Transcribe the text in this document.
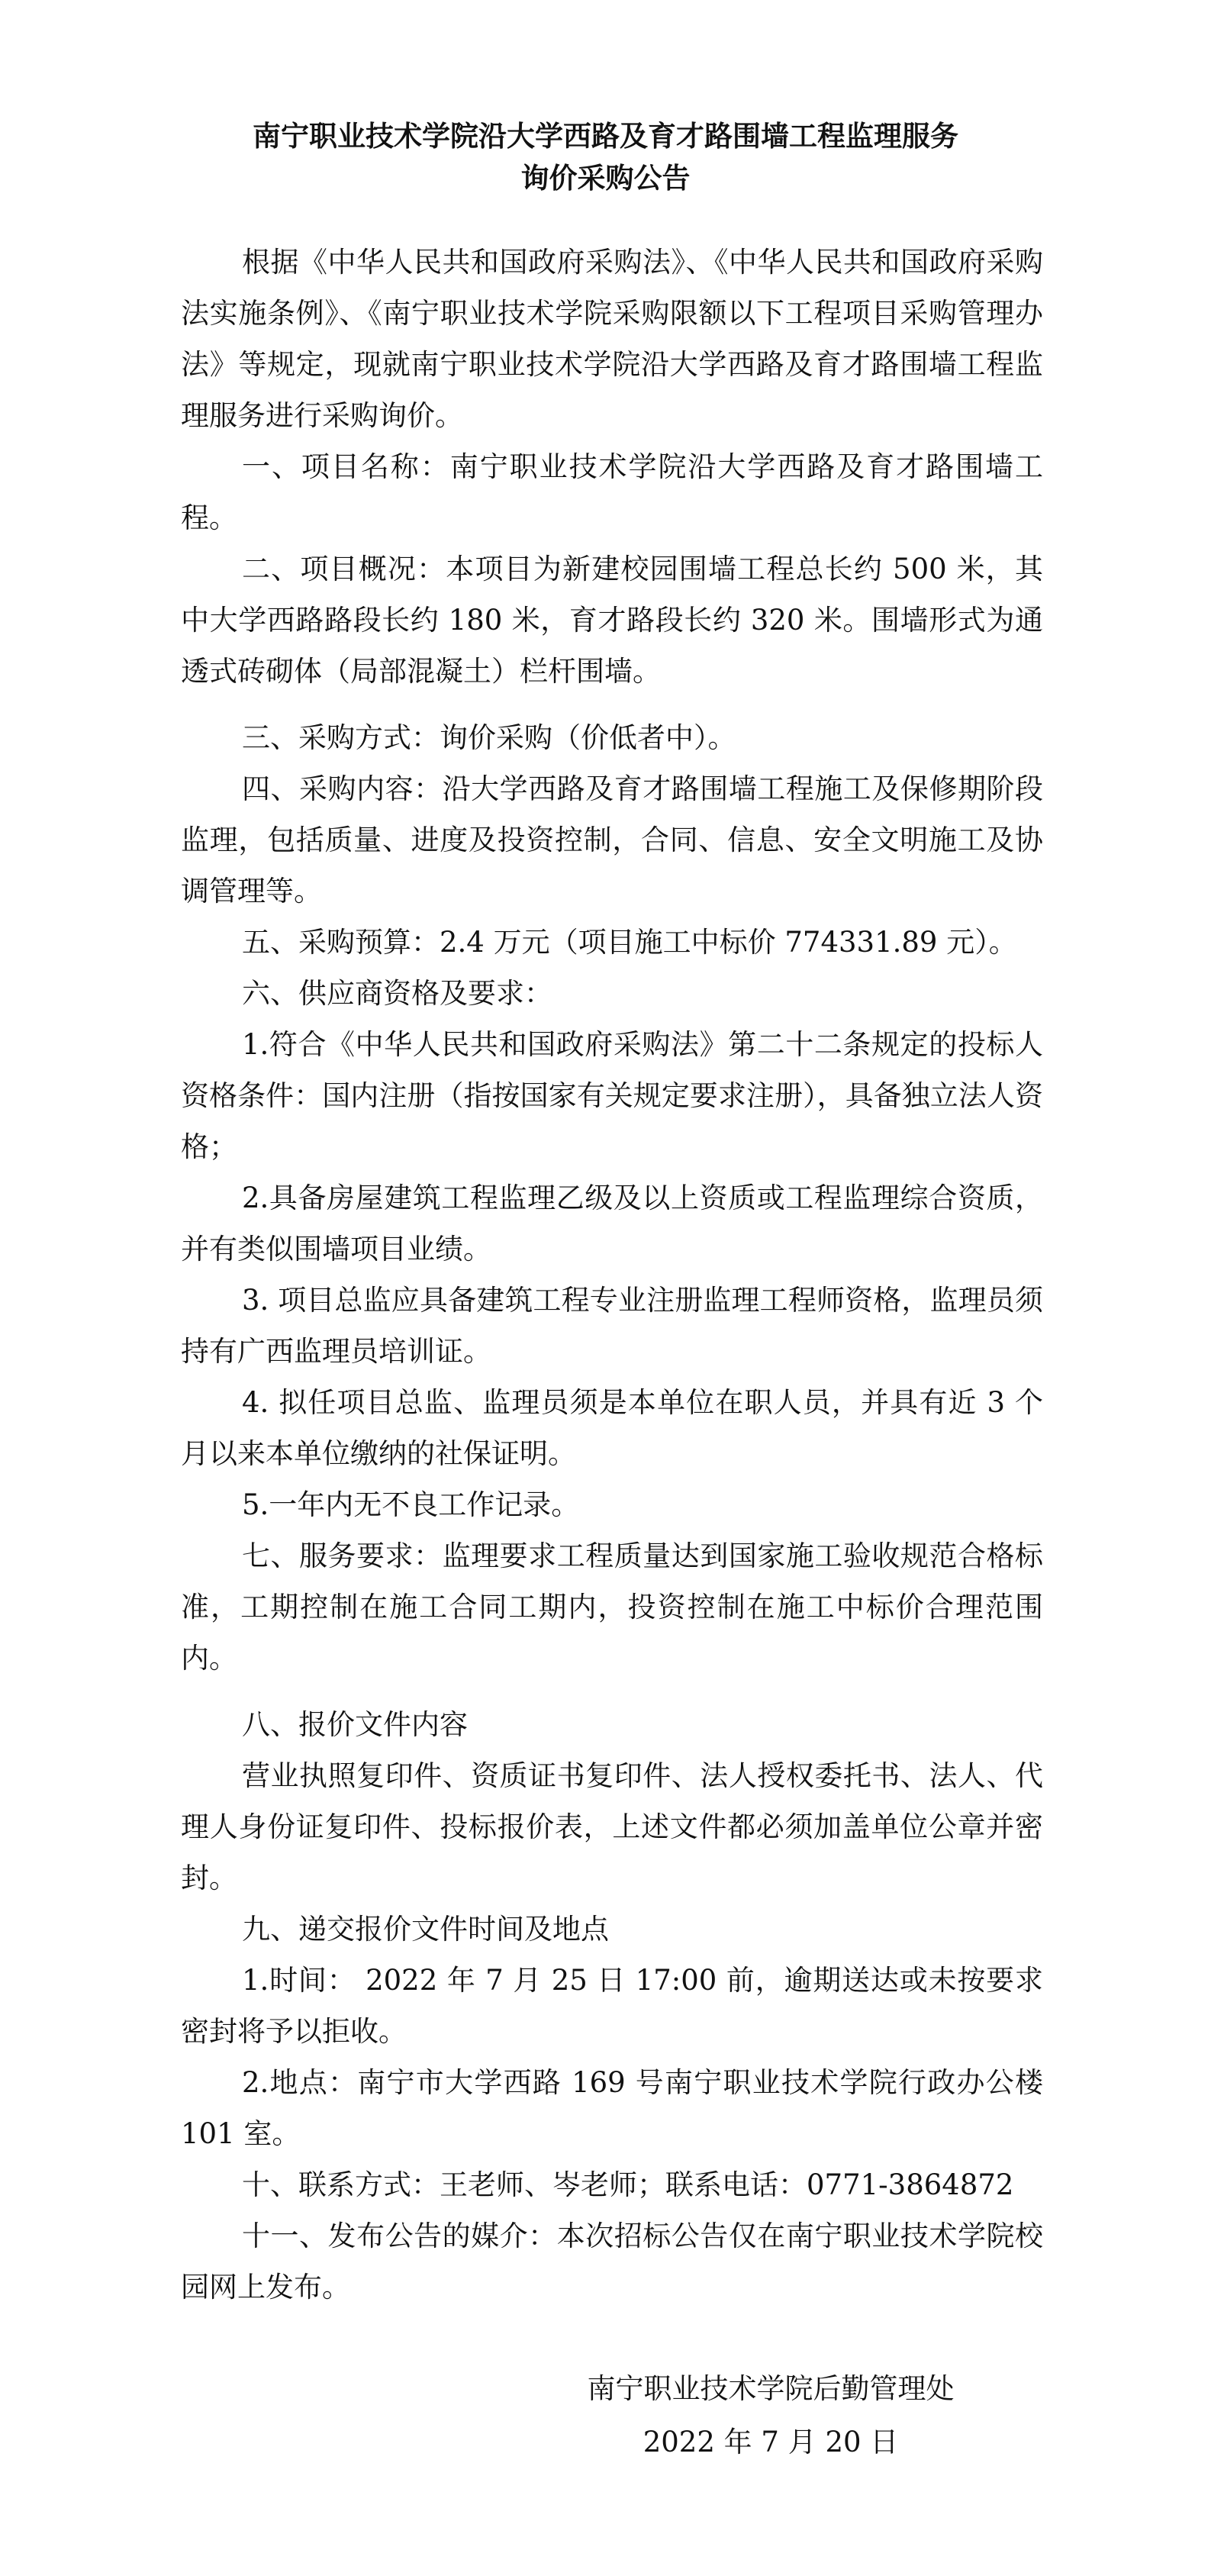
南宁职业技术学院沿大学西路及育才路围墙工程监理服务
询价采购公告

根据《中华人民共和国政府采购法》、《中华人民共和国政府采购法实施条例》、《南宁职业技术学院采购限额以下工程项目采购管理办法》等规定，现就南宁职业技术学院沿大学西路及育才路围墙工程监理服务进行采购询价。

一、项目名称：南宁职业技术学院沿大学西路及育才路围墙工程。

二、项目概况：本项目为新建校园围墙工程总长约 500 米，其中大学西路路段长约 180 米，育才路段长约 320 米。围墙形式为通透式砖砌体（局部混凝土）栏杆围墙。

三、采购方式：询价采购（价低者中）。

四、采购内容：沿大学西路及育才路围墙工程施工及保修期阶段监理，包括质量、进度及投资控制，合同、信息、安全文明施工及协调管理等。

五、采购预算：2.4 万元（项目施工中标价 774331.89 元）。

六、供应商资格及要求：

1.符合《中华人民共和国政府采购法》第二十二条规定的投标人资格条件：国内注册（指按国家有关规定要求注册），具备独立法人资格；

2.具备房屋建筑工程监理乙级及以上资质或工程监理综合资质，并有类似围墙项目业绩。

3. 项目总监应具备建筑工程专业注册监理工程师资格，监理员须持有广西监理员培训证。

4. 拟任项目总监、监理员须是本单位在职人员，并具有近 3 个月以来本单位缴纳的社保证明。

5.一年内无不良工作记录。

七、服务要求：监理要求工程质量达到国家施工验收规范合格标准，工期控制在施工合同工期内，投资控制在施工中标价合理范围内。

八、报价文件内容

营业执照复印件、资质证书复印件、法人授权委托书、法人、代理人身份证复印件、投标报价表，上述文件都必须加盖单位公章并密封。

九、递交报价文件时间及地点

1.时间： 2022 年 7 月 25 日 17:00 前，逾期送达或未按要求密封将予以拒收。

2.地点：南宁市大学西路 169 号南宁职业技术学院行政办公楼 101 室。

十、联系方式：王老师、岑老师；联系电话：0771-3864872

十一、发布公告的媒介：本次招标公告仅在南宁职业技术学院校园网上发布。

南宁职业技术学院后勤管理处

2022 年 7 月 20 日
